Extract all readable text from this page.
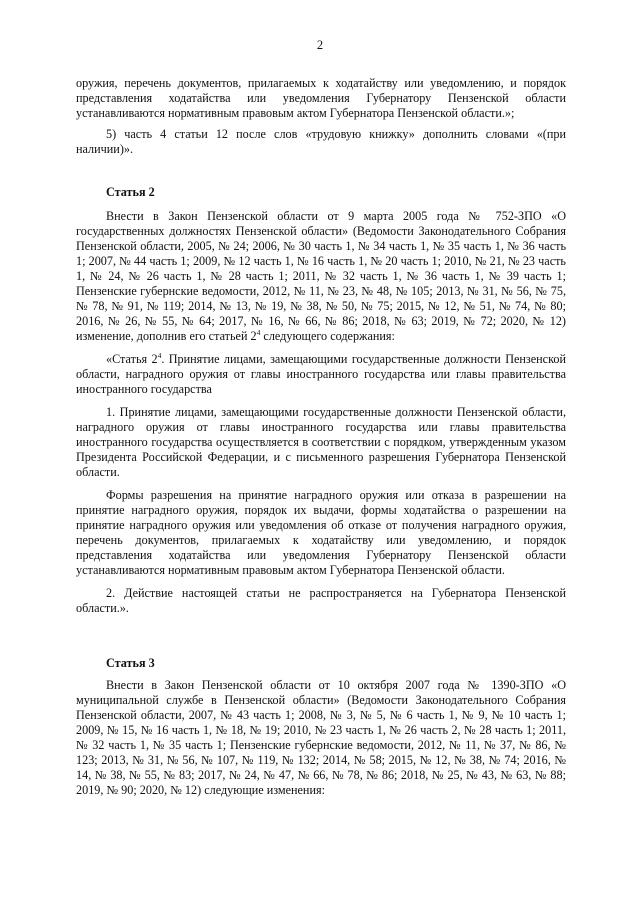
2

оружия, перечень документов, прилагаемых к ходатайству или уведомлению, и порядок представления ходатайства или уведомления Губернатору Пензенской области устанавливаются нормативным правовым актом Губернатора Пензенской области.»;

5) часть 4 статьи 12 после слов «трудовую книжку» дополнить словами «(при наличии)».

Статья 2

Внести в Закон Пензенской области от 9 марта 2005 года № 752-ЗПО «О государственных должностях Пензенской области» (Ведомости Законодательного Собрания Пензенской области, 2005, № 24; 2006, № 30 часть 1, № 34 часть 1, № 35 часть 1, № 36 часть 1; 2007, № 44 часть 1; 2009, № 12 часть 1, № 16 часть 1, № 20 часть 1; 2010, № 21, № 23 часть 1, № 24, № 26 часть 1, № 28 часть 1; 2011, № 32 часть 1, № 36 часть 1, № 39 часть 1; Пензенские губернские ведомости, 2012, № 11, № 23, № 48, № 105; 2013, № 31, № 56, № 75, № 78, № 91, № 119; 2014, № 13, № 19, № 38, № 50, № 75; 2015, № 12, № 51, № 74, № 80; 2016, № 26, № 55, № 64; 2017, № 16, № 66, № 86; 2018, № 63; 2019, № 72; 2020, № 12) изменение, дополнив его статьей $2^4$ следующего содержания:

«Статья $2^4$. Принятие лицами, замещающими государственные должности Пензенской области, наградного оружия от главы иностранного государства или главы правительства иностранного государства

1. Принятие лицами, замещающими государственные должности Пензенской области, наградного оружия от главы иностранного государства или главы правительства иностранного государства осуществляется в соответствии с порядком, утвержденным указом Президента Российской Федерации, и с письменного разрешения Губернатора Пензенской области.

Формы разрешения на принятие наградного оружия или отказа в разрешении на принятие наградного оружия, порядок их выдачи, формы ходатайства о разрешении на принятие наградного оружия или уведомления об отказе от получения наградного оружия, перечень документов, прилагаемых к ходатайству или уведомлению, и порядок представления ходатайства или уведомления Губернатору Пензенской области устанавливаются нормативным правовым актом Губернатора Пензенской области.

2. Действие настоящей статьи не распространяется на Губернатора Пензенской области.».

Статья 3

Внести в Закон Пензенской области от 10 октября 2007 года № 1390-ЗПО «О муниципальной службе в Пензенской области» (Ведомости Законодательного Собрания Пензенской области, 2007, № 43 часть 1; 2008, № 3, № 5, № 6 часть 1, № 9, № 10 часть 1; 2009, № 15, № 16 часть 1, № 18, № 19; 2010, № 23 часть 1, № 26 часть 2, № 28 часть 1; 2011, № 32 часть 1, № 35 часть 1; Пензенские губернские ведомости, 2012, № 11, № 37, № 86, № 123; 2013, № 31, № 56, № 107, № 119, № 132; 2014, № 58; 2015, № 12, № 38, № 74; 2016, № 14, № 38, № 55, № 83; 2017, № 24, № 47, № 66, № 78, № 86; 2018, № 25, № 43, № 63, № 88; 2019, № 90; 2020, № 12) следующие изменения:
